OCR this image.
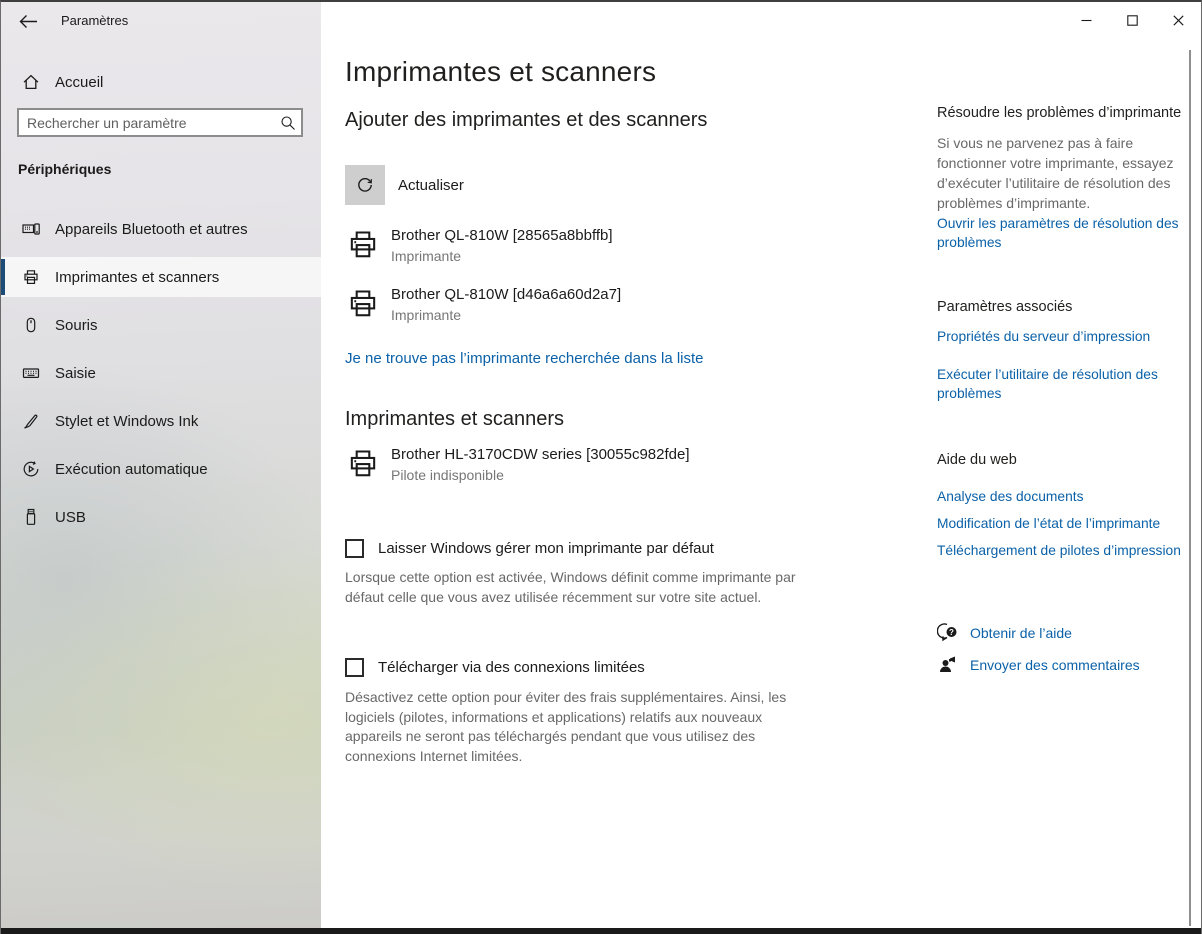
Paramètres
Accueil
Rechercher un paramètre
Périphériques
Appareils Bluetooth et autres
Imprimantes et scanners
Souris
Saisie
Stylet et Windows Ink
Exécution automatique
USB
Imprimantes et scanners
Ajouter des imprimantes et des scanners
Actualiser
Brother QL-810W [28565a8bbffb]
Imprimante
Brother QL-810W [d46a6a60d2a7]
Imprimante
Je ne trouve pas l’imprimante recherchée dans la liste
Imprimantes et scanners
Brother HL-3170CDW series [30055c982fde]
Pilote indisponible
Laisser Windows gérer mon imprimante par défaut
Lorsque cette option est activée, Windows définit comme imprimante par défaut celle que vous avez utilisée récemment sur votre site actuel.
Télécharger via des connexions limitées
Désactivez cette option pour éviter des frais supplémentaires. Ainsi, les logiciels (pilotes, informations et applications) relatifs aux nouveaux appareils ne seront pas téléchargés pendant que vous utilisez des connexions Internet limitées.
Résoudre les problèmes d’imprimante
Si vous ne parvenez pas à faire fonctionner votre imprimante, essayez d’exécuter l’utilitaire de résolution des problèmes d’imprimante.
Ouvrir les paramètres de résolution des problèmes
Paramètres associés
Propriétés du serveur d’impression
Exécuter l’utilitaire de résolution des problèmes
Aide du web
Analyse des documents
Modification de l’état de l’imprimante
Téléchargement de pilotes d’impression
? Obtenir de l’aide
Envoyer des commentaires
